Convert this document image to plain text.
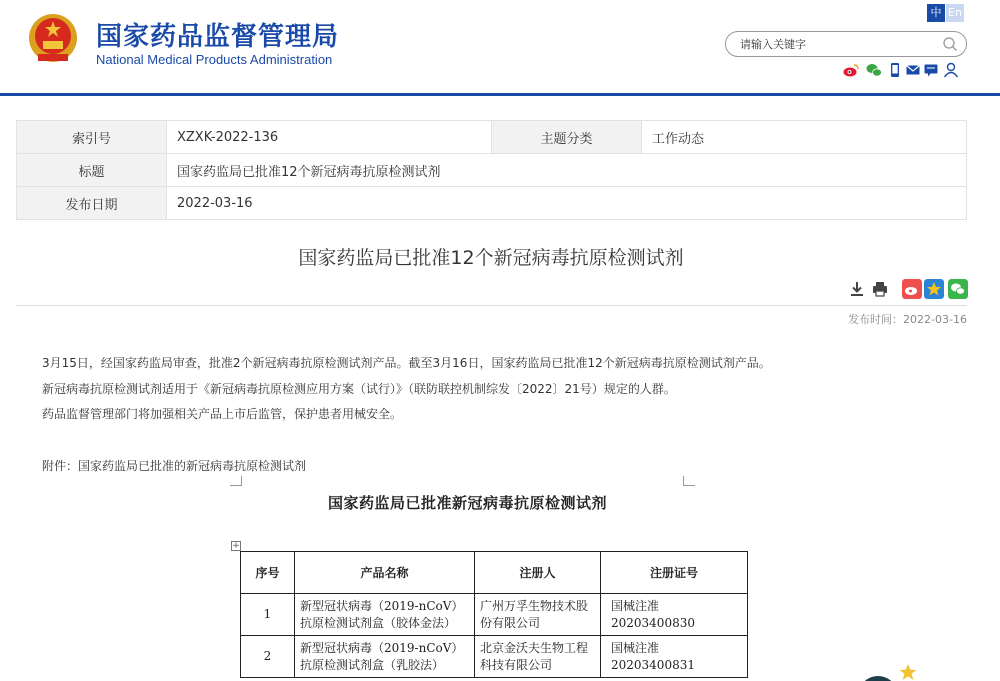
国家药品监督管理局
National Medical Products Administration
中 En
请输入关键字
索引号	XZXK-2022-136	主题分类	工作动态
标题	国家药监局已批准12个新冠病毒抗原检测试剂		
发布日期	2022-03-16		
国家药监局已批准12个新冠病毒抗原检测试剂
发布时间：2022-03-16
3月15日，经国家药监局审查，批准2个新冠病毒抗原检测试剂产品。截至3月16日，国家药监局已批准12个新冠病毒抗原检测试剂产品。
新冠病毒抗原检测试剂适用于《新冠病毒抗原检测应用方案（试行）》（联防联控机制综发〔2022〕21号）规定的人群。
药品监督管理部门将加强相关产品上市后监管，保护患者用械安全。
附件：国家药监局已批准的新冠病毒抗原检测试剂
国家药监局已批准新冠病毒抗原检测试剂
+
序号	产品名称	注册人	注册证号
1	新型冠状病毒（2019-nCoV）抗原检测试剂盒（胶体金法）	广州万孚生物技术股份有限公司	国械注准 20203400830
2	新型冠状病毒（2019-nCoV）抗原检测试剂盒（乳胶法）	北京金沃夫生物工程科技有限公司	国械注准 20203400831
